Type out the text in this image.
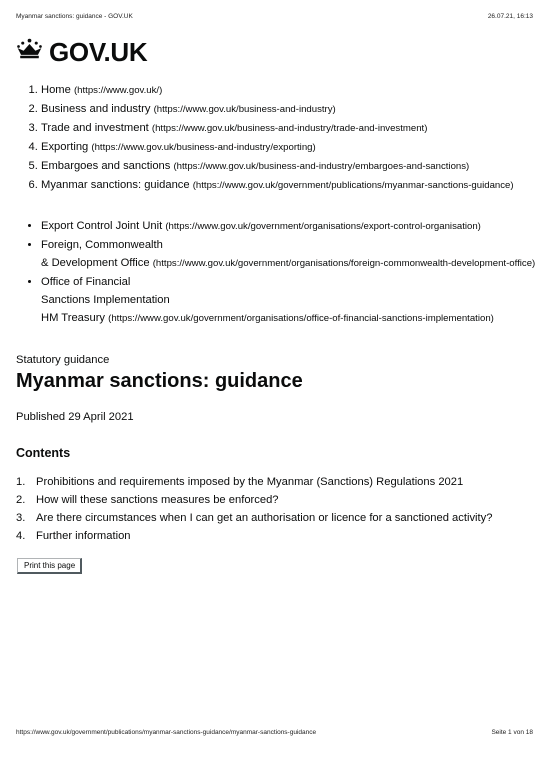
Myanmar sanctions: guidance - GOV.UK	26.07.21, 16:13
GOV.UK
1. Home (https://www.gov.uk/)
2. Business and industry (https://www.gov.uk/business-and-industry)
3. Trade and investment (https://www.gov.uk/business-and-industry/trade-and-investment)
4. Exporting (https://www.gov.uk/business-and-industry/exporting)
5. Embargoes and sanctions (https://www.gov.uk/business-and-industry/embargoes-and-sanctions)
6. Myanmar sanctions: guidance (https://www.gov.uk/government/publications/myanmar-sanctions-guidance)
• Export Control Joint Unit (https://www.gov.uk/government/organisations/export-control-organisation)
• Foreign, Commonwealth
& Development Office (https://www.gov.uk/government/organisations/foreign-commonwealth-development-office)
• Office of Financial
Sanctions Implementation
HM Treasury (https://www.gov.uk/government/organisations/office-of-financial-sanctions-implementation)
Statutory guidance
Myanmar sanctions: guidance
Published 29 April 2021
Contents
1. Prohibitions and requirements imposed by the Myanmar (Sanctions) Regulations 2021
2. How will these sanctions measures be enforced?
3. Are there circumstances when I can get an authorisation or licence for a sanctioned activity?
4. Further information
Print this page
https://www.gov.uk/government/publications/myanmar-sanctions-guidance/myanmar-sanctions-guidance	Seite 1 von 18
